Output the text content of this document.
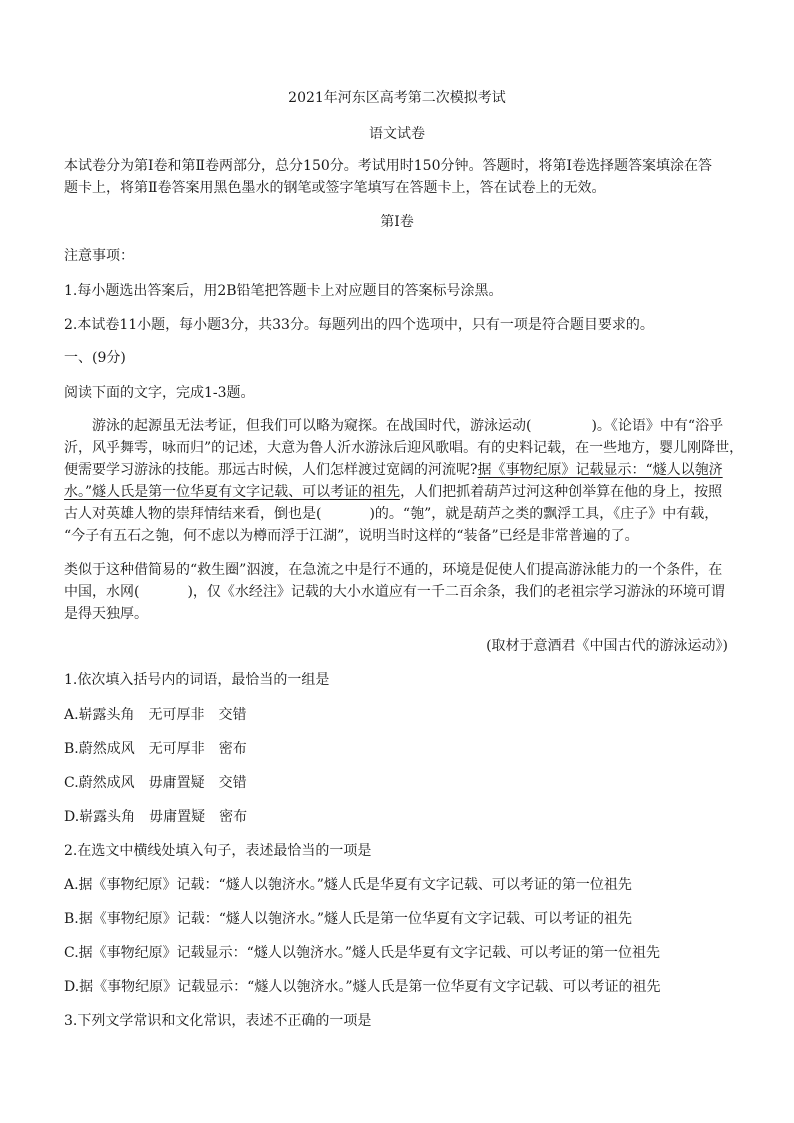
2021年河东区高考第二次模拟考试
语文试卷
本试卷分为第Ⅰ卷和第Ⅱ卷两部分，总分150分。考试用时150分钟。答题时，将第Ⅰ卷选择题答案填涂在答
题卡上，将第Ⅱ卷答案用黑色墨水的钢笔或签字笔填写在答题卡上，答在试卷上的无效。
第Ⅰ卷
注意事项：
1.每小题选出答案后，用2B铅笔把答题卡上对应题目的答案标号涂黑。
2.本试卷11小题，每小题3分，共33分。每题列出的四个选项中，只有一项是符合题目要求的。
一、(9分)
阅读下面的文字，完成1-3题。
游泳的起源虽无法考证，但我们可以略为窥探。在战国时代，游泳运动(	)。《论语》中有“浴乎
沂，风乎舞雩，咏而归”的记述，大意为鲁人沂水游泳后迎风歌唱。有的史料记载，在一些地方，婴儿刚降世，
便需要学习游泳的技能。那远古时候，人们怎样渡过宽阔的河流呢?据《事物纪原》记载显示：“燧人以匏济
水。”燧人氏是第一位华夏有文字记载、可以考证的祖先，人们把抓着葫芦过河这种创举算在他的身上，按照
古人对英雄人物的崇拜情结来看，倒也是(	)的。“匏”，就是葫芦之类的飘浮工具，《庄子》中有载，
“今子有五石之匏，何不虑以为樽而浮于江湖”，说明当时这样的“装备”已经是非常普遍的了。
类似于这种借简易的“救生圈”泅渡，在急流之中是行不通的，环境是促使人们提高游泳能力的一个条件，在
中国，水网(	)，仅《水经注》记载的大小水道应有一千二百余条，我们的老祖宗学习游泳的环境可谓
是得天独厚。
(取材于意酒君《中国古代的游泳运动》)
1.依次填入括号内的词语，最恰当的一组是
A.崭露头角　无可厚非　交错
B.蔚然成风　无可厚非　密布
C.蔚然成风　毋庸置疑　交错
D.崭露头角　毋庸置疑　密布
2.在选文中横线处填入句子，表述最恰当的一项是
A.据《事物纪原》记载：“燧人以匏济水。”燧人氏是华夏有文字记载、可以考证的第一位祖先
B.据《事物纪原》记载：“燧人以匏济水。”燧人氏是第一位华夏有文字记载、可以考证的祖先
C.据《事物纪原》记载显示：“燧人以匏济水。”燧人氏是华夏有文字记载、可以考证的第一位祖先
D.据《事物纪原》记载显示：“燧人以匏济水。”燧人氏是第一位华夏有文字记载、可以考证的祖先
3.下列文学常识和文化常识，表述不正确的一项是
